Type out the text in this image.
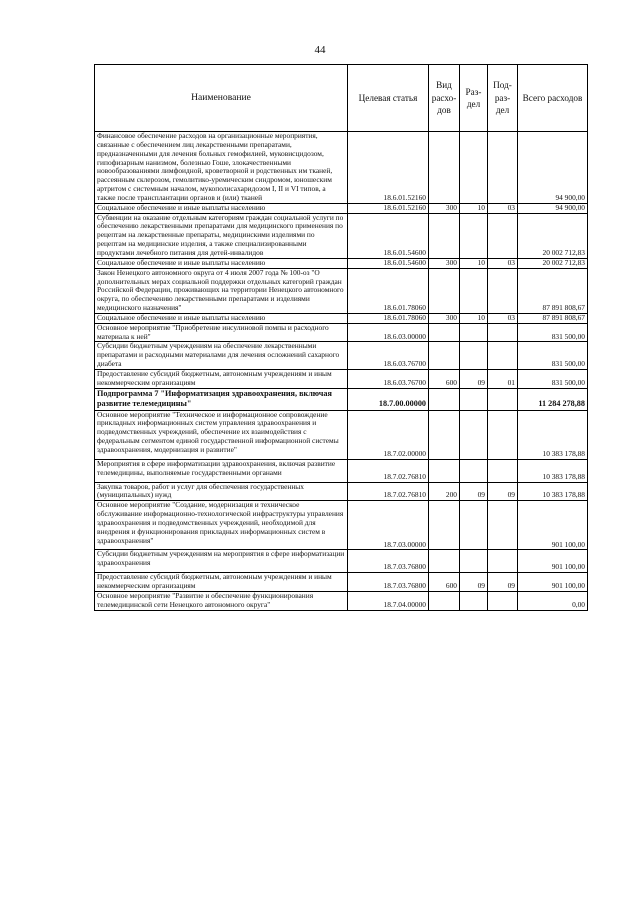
44
Наименование	Целевая статья	Вид расхо-дов	Раз-дел	Под-раз-дел	Всего расходов
Финансовое обеспечение расходов на организационные мероприятия, связанные с обеспечением лиц лекарственными препаратами, предназначенными для лечения больных гемофилией, муковисцидозом, гипофизарным нанизмом, болезнью Гоше, злокачественными новообразованиями лимфоидной, кроветворной и родственных им тканей, рассеянным склерозом, гемолитико-уремическим синдромом, юношеским артритом с системным началом, мукополисахаридозом I, II и VI типов, а также после трансплантации органов и (или) тканей	18.6.01.52160				94 900,00
Социальное обеспечение и иные выплаты населению	18.6.01.52160	300	10	03	94 900,00
Субвенции на оказание отдельным категориям граждан социальной услуги по обеспечению лекарственными препаратами для медицинского применения по рецептам на лекарственные препараты, медицинскими изделиями по рецептам на медицинские изделия, а также специализированными продуктами лечебного питания для детей-инвалидов	18.6.01.54600				20 002 712,83
Социальное обеспечение и иные выплаты населению	18.6.01.54600	300	10	03	20 002 712,83
Закон Ненецкого автономного округа от 4 июля 2007 года № 100-оз "О дополнительных мерах социальной поддержки отдельных категорий граждан Российской Федерации, проживающих на территории Ненецкого автономного округа, по обеспечению лекарственными препаратами и изделиями медицинского назначения"	18.6.01.78060				87 891 808,67
Социальное обеспечение и иные выплаты населению	18.6.01.78060	300	10	03	87 891 808,67
Основное мероприятие "Приобретение инсулиновой помпы и расходного материала к ней"	18.6.03.00000				831 500,00
Субсидии бюджетным учреждениям на обеспечение лекарственными препаратами и расходными материалами для лечения осложнений сахарного диабета	18.6.03.76700				831 500,00
Предоставление субсидий бюджетным, автономным учреждениям и иным некоммерческим организациям	18.6.03.76700	600	09	01	831 500,00
Подпрограмма 7 "Информатизация здравоохранения, включая развитие телемедицины"	18.7.00.00000				11 284 278,88
Основное мероприятие "Техническое и информационное сопровождение прикладных информационных систем управления здравоохранения и подведомственных учреждений, обеспечение их взаимодействия с федеральным сегментом единой государственной информационной системы здравоохранения, модернизация и развитие"	18.7.02.00000				10 383 178,88
Мероприятия в сфере информатизации здравоохранения, включая развитие телемедицины, выполняемые государственными органами	18.7.02.76810				10 383 178,88
Закупка товаров, работ и услуг для обеспечения государственных (муниципальных) нужд	18.7.02.76810	200	09	09	10 383 178,88
Основное мероприятие "Создание, модернизация и техническое обслуживание информационно-технологической инфраструктуры управления здравоохранения и подведомственных учреждений, необходимой для внедрения и функционирования прикладных информационных систем в здравоохранения"	18.7.03.00000				901 100,00
Субсидии бюджетным учреждениям на мероприятия в сфере информатизации здравоохранения	18.7.03.76800				901 100,00
Предоставление субсидий бюджетным, автономным учреждениям и иным некоммерческим организациям	18.7.03.76800	600	09	09	901 100,00
Основное мероприятие "Развитие и обеспечение функционирования телемедицинской сети Ненецкого автономного округа"	18.7.04.00000				0,00
